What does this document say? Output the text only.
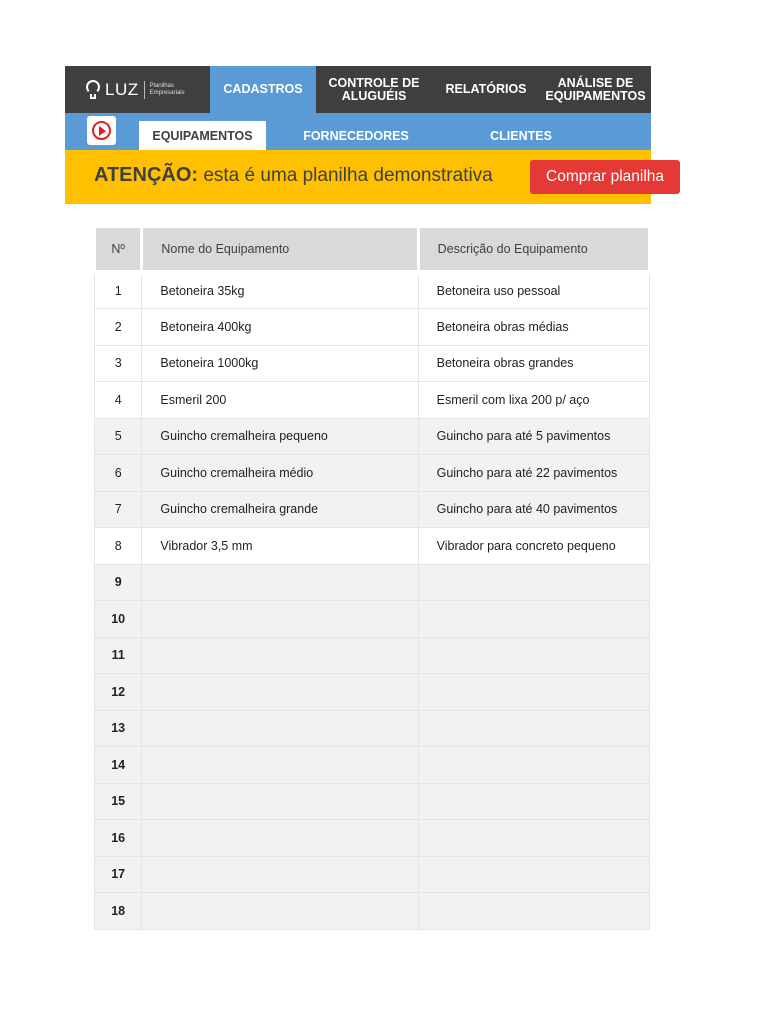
LUZ Planilhas Empresariais	CADASTROS	CONTROLE DE ALUGUÉIS	RELATÓRIOS	ANÁLISE DE EQUIPAMENTOS
EQUIPAMENTOS	FORNECEDORES	CLIENTES
ATENÇÃO: esta é uma planilha demonstrativa	Comprar planilha
Nº	Nome do Equipamento	Descrição do Equipamento
1	Betoneira 35kg	Betoneira uso pessoal
2	Betoneira 400kg	Betoneira obras médias
3	Betoneira 1000kg	Betoneira obras grandes
4	Esmeril 200	Esmeril com lixa 200 p/ aço
5	Guincho cremalheira pequeno	Guincho para até 5 pavimentos
6	Guincho cremalheira médio	Guincho para até 22 pavimentos
7	Guincho cremalheira grande	Guincho para até 40 pavimentos
8	Vibrador 3,5 mm	Vibrador para concreto pequeno
9		
10		
11		
12		
13		
14		
15		
16		
17		
18		
